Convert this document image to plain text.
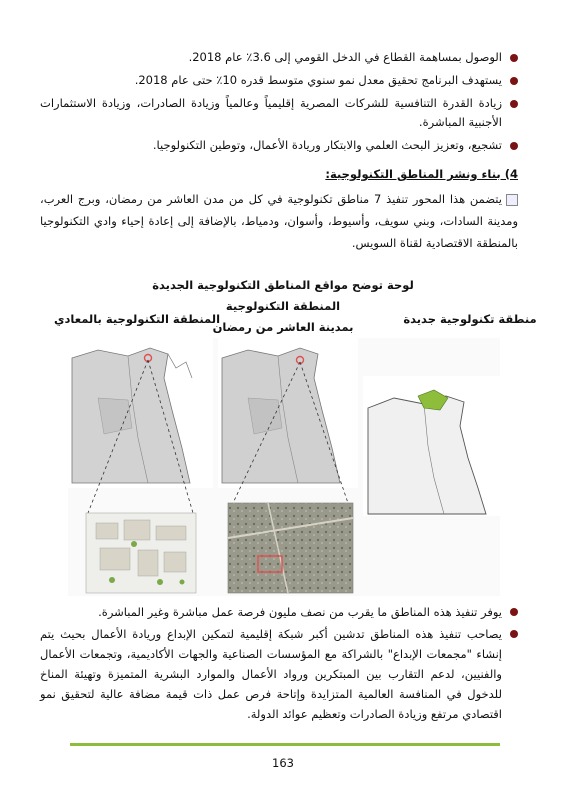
الوصول بمساهمة القطاع في الدخل القومي إلى 3.6٪ عام 2018.
يستهدف البرنامج تحقيق معدل نمو سنوي متوسط قدره 10٪ حتى عام 2018.
زيادة القدرة التنافسية للشركات المصرية إقليمياً وعالمياً وزيادة الصادرات، وزيادة الاستثمارات الأجنبية المباشرة.
تشجيع، وتعزيز البحث العلمي والابتكار وريادة الأعمال، وتوطين التكنولوجيا.
4) بناء ونشر المناطق التكنولوجية:
يتضمن هذا المحور تنفيذ 7 مناطق تكنولوجية في كل من مدن العاشر من رمضان، وبرج العرب، ومدينة السادات، وبني سويف، وأسيوط، وأسوان، ودمياط، بالإضافة إلى إعادة إحياء وادي التكنولوجيا بالمنطقة الاقتصادية لقناة السويس.
لوحة توضح مواقع المناطق التكنولوجية الجديدة
منطقة تكنولوجية جديدة
المنطقة التكنولوجية بمدينة العاشر من رمضان
المنطقة التكنولوجية بالمعادي
يوفر تنفيذ هذه المناطق ما يقرب من نصف مليون فرصة عمل مباشرة وغير المباشرة.
يصاحب تنفيذ هذه المناطق تدشين أكبر شبكة إقليمية لتمكين الإبداع وريادة الأعمال بحيث يتم إنشاء "مجمعات الإبداع" بالشراكة مع المؤسسات الصناعية والجهات الأكاديمية، وتجمعات الأعمال والفنيين، لدعم التقارب بين المبتكرين ورواد الأعمال والموارد البشرية المتميزة وتهيئة المناخ للدخول في المنافسة العالمية المتزايدة وإتاحة فرص عمل ذات قيمة مضافة عالية لتحقيق نمو اقتصادي مرتفع وزيادة الصادرات وتعظيم عوائد الدولة.
163
